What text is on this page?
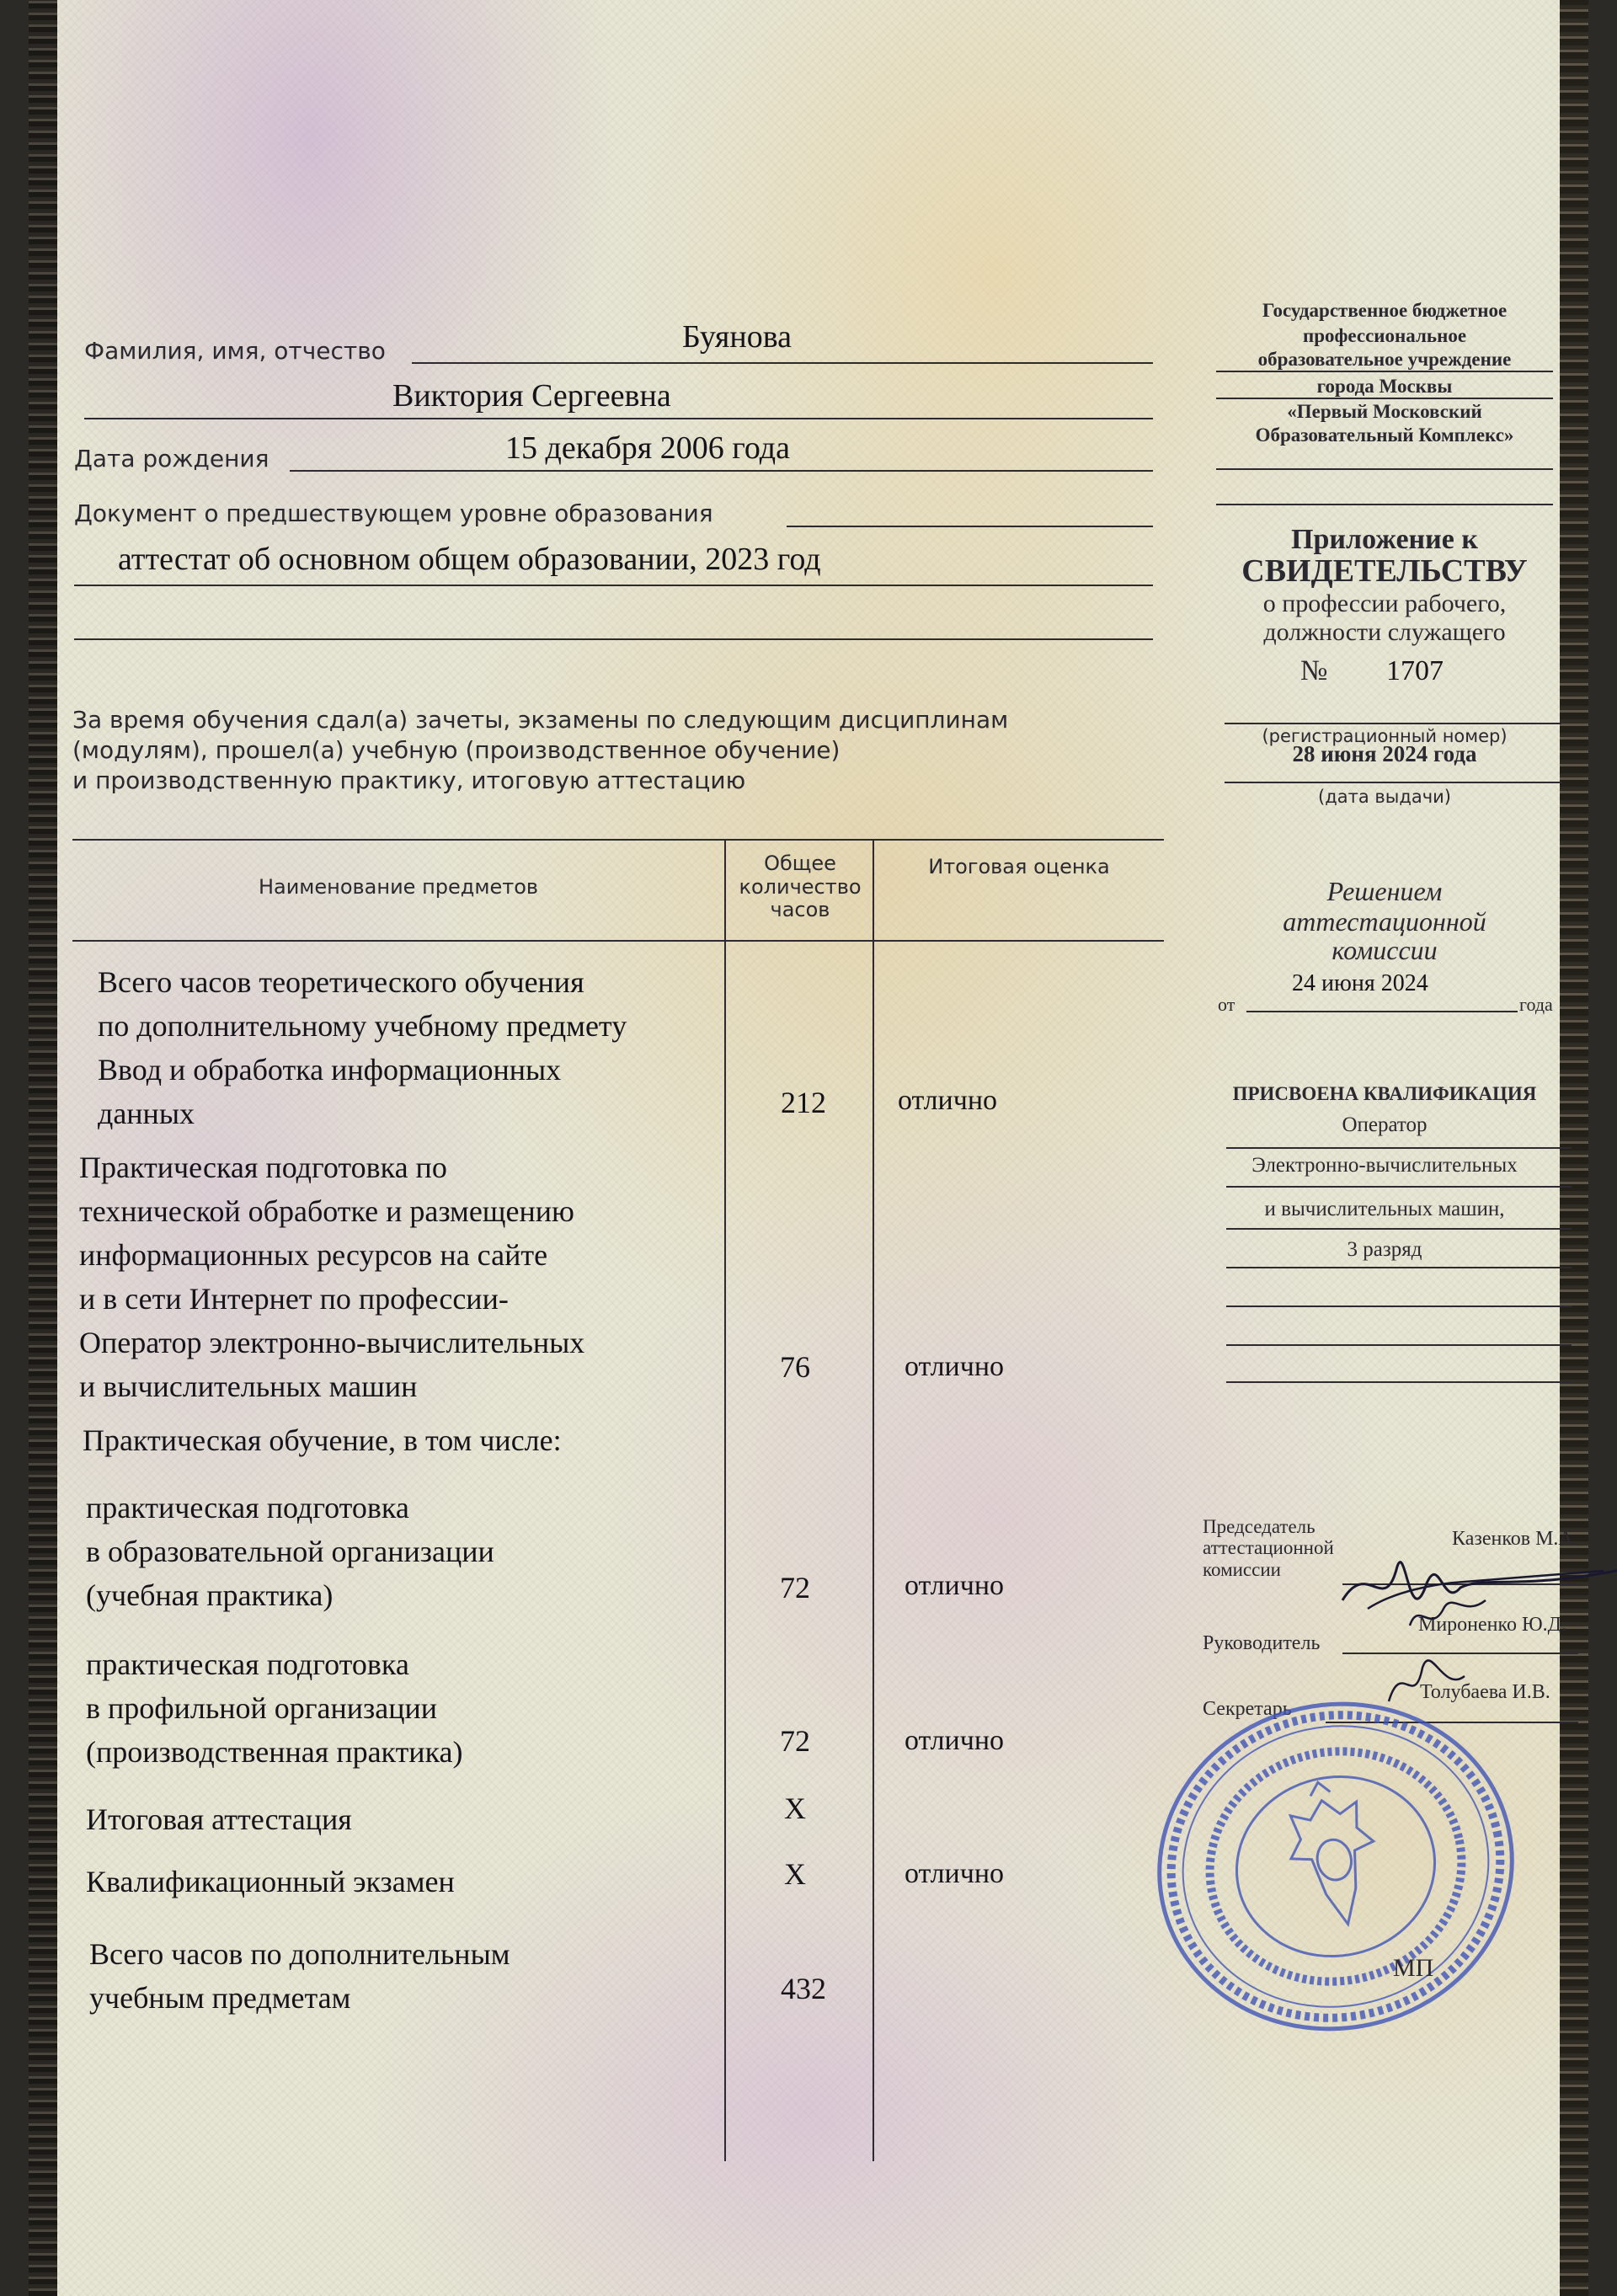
Фамилия, имя, отчество	Буянова
Виктория Сергеевна
Дата рождения	15 декабря 2006 года
Документ о предшествующем уровне образования
аттестат об основном общем образовании, 2023 год
За время обучения сдал(а) зачеты, экзамены по следующим дисциплинам
(модулям), прошел(а) учебную (производственное обучение)
и производственную практику, итоговую аттестацию
Наименование предметов
Общее количество часов
Итоговая оценка
Всего часов теоретического обучения
по дополнительному учебному предмету
Ввод и обработка информационных
данных	212	отлично
Практическая подготовка по
технической обработке и размещению
информационных ресурсов на сайте
и в сети Интернет по профессии-
Оператор электронно-вычислительных
и вычислительных машин
76	отлично
Практическая обучение, в том числе:
практическая подготовка
в образовательной организации
(учебная практика)	72	отлично
практическая подготовка
в профильной организации
(производственная практика)	72	отлично
Итоговая аттестация	X
Квалификационный экзамен	X	отлично
Всего часов по дополнительным
учебным предметам	432
Государственное бюджетное
профессиональное
образовательное учреждение
города Москвы
«Первый Московский
Образовательный Комплекс»
Приложение к
СВИДЕТЕЛЬСТВУ
о профессии рабочего,
должности служащего
№ 1707
(регистрационный номер)
28 июня 2024 года
(дата выдачи)
Решением
аттестационной
комиссии
от
24 июня 2024
года
ПРИСВОЕНА КВАЛИФИКАЦИЯ
Оператор
Электронно-вычислительных
и вычислительных машин,
3 разряд
Председатель
аттестационной
комиссии
Казенков М.А.
Руководитель
Мироненко Ю.Д.
Секретарь
Толубаева И.В.
МП
